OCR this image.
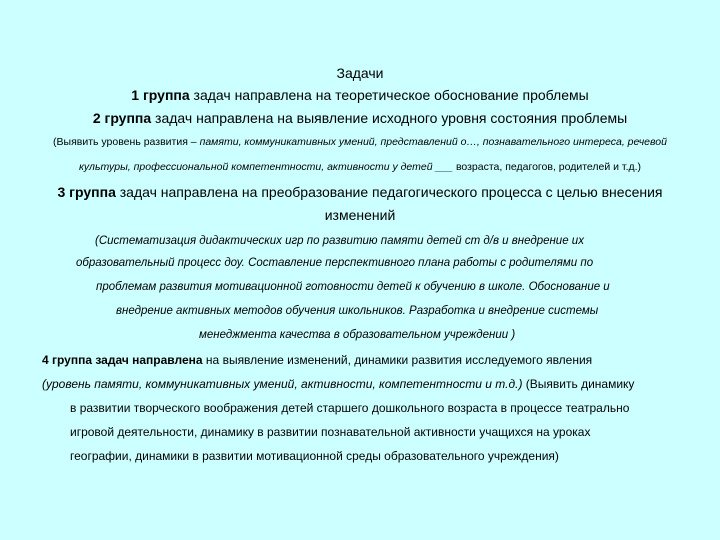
Задачи
1 группа задач направлена на теоретическое обоснование проблемы
2 группа задач направлена на выявление исходного уровня состояния проблемы
(Выявить уровень развития – памяти, коммуникативных умений, представлений о…, познавательного интереса, речевой
культуры, профессиональной компетентности, активности у детей ___ возраста, педагогов, родителей и т.д.)
3 группа задач направлена на преобразование педагогического процесса с целью внесения
изменений
(Систематизация дидактических игр по развитию памяти детей ст д/в и внедрение их
образовательный процесс доу. Составление перспективного плана работы с родителями по
проблемам развития мотивационной готовности детей к обучению в школе. Обоснование и
внедрение активных методов обучения школьников. Разработка и внедрение системы
менеджмента качества в образовательном учреждении )
4 группа задач направлена на выявление изменений, динамики развития исследуемого явления
(уровень памяти, коммуникативных умений, активности, компетентности и т.д.) (Выявить динамику
в развитии творческого воображения детей старшего дошкольного возраста в процессе театрально
игровой деятельности, динамику в развитии познавательной активности учащихся на уроках
географии, динамики в развитии мотивационной среды образовательного учреждения)
